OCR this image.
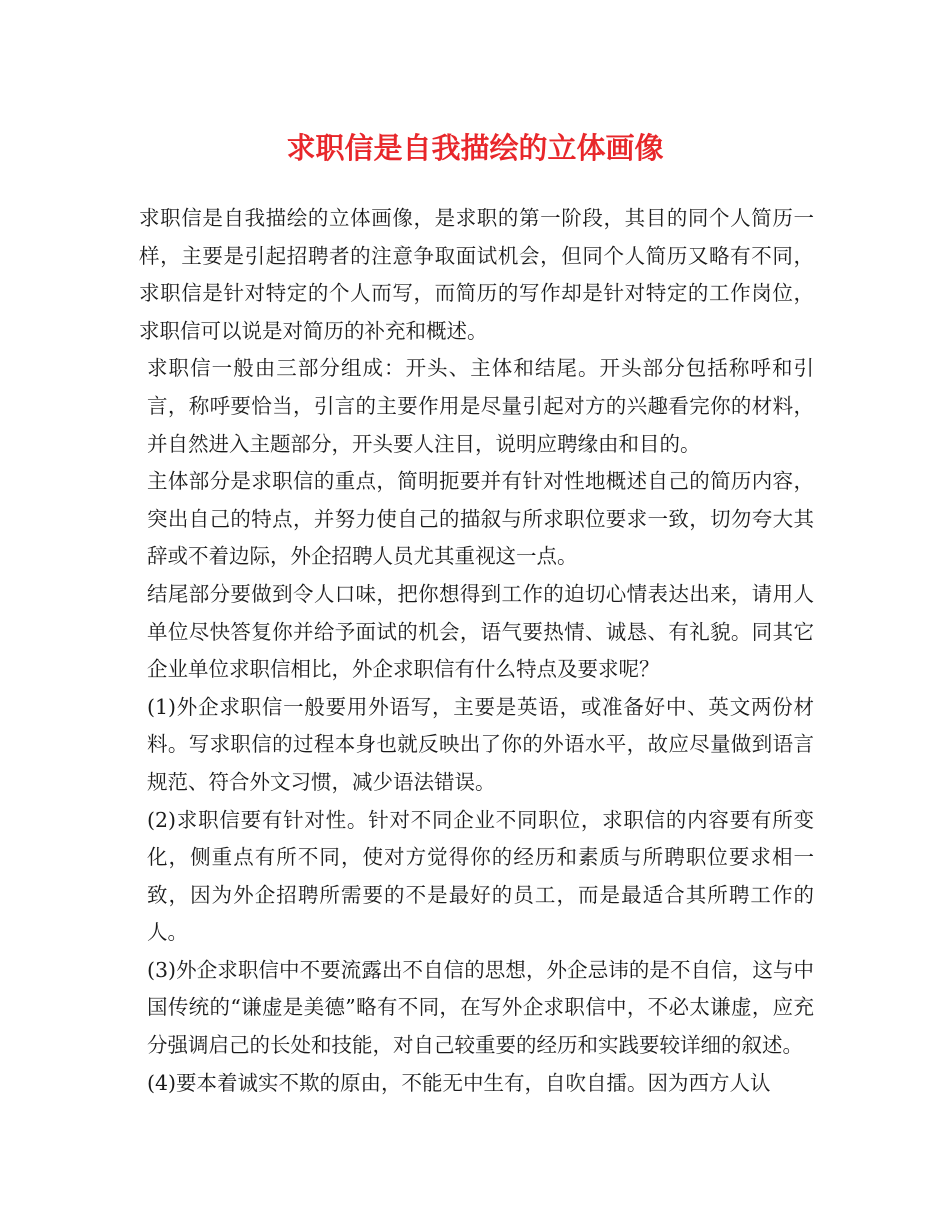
求职信是自我描绘的立体画像

求职信是自我描绘的立体画像，是求职的第一阶段，其目的同个人简历一样，主要是引起招聘者的注意争取面试机会，但同个人简历又略有不同，求职信是针对特定的个人而写，而简历的写作却是针对特定的工作岗位，求职信可以说是对简历的补充和概述。

求职信一般由三部分组成：开头、主体和结尾。开头部分包括称呼和引言，称呼要恰当，引言的主要作用是尽量引起对方的兴趣看完你的材料，并自然进入主题部分，开头要人注目，说明应聘缘由和目的。

主体部分是求职信的重点，简明扼要并有针对性地概述自己的简历内容，突出自己的特点，并努力使自己的描叙与所求职位要求一致，切勿夸大其辞或不着边际，外企招聘人员尤其重视这一点。

结尾部分要做到令人口味，把你想得到工作的迫切心情表达出来，请用人单位尽快答复你并给予面试的机会，语气要热情、诚恳、有礼貌。同其它企业单位求职信相比，外企求职信有什么特点及要求呢？

(1)外企求职信一般要用外语写，主要是英语，或准备好中、英文两份材料。写求职信的过程本身也就反映出了你的外语水平，故应尽量做到语言规范、符合外文习惯，减少语法错误。

(2)求职信要有针对性。针对不同企业不同职位，求职信的内容要有所变化，侧重点有所不同，使对方觉得你的经历和素质与所聘职位要求相一致，因为外企招聘所需要的不是最好的员工，而是最适合其所聘工作的人。

(3)外企求职信中不要流露出不自信的思想，外企忌讳的是不自信，这与中国传统的“谦虚是美德”略有不同，在写外企求职信中，不必太谦虚，应充分强调启己的长处和技能，对自己较重要的经历和实践要较详细的叙述。

(4)要本着诚实不欺的原由，不能无中生有，自吹自擂。因为西方人认
